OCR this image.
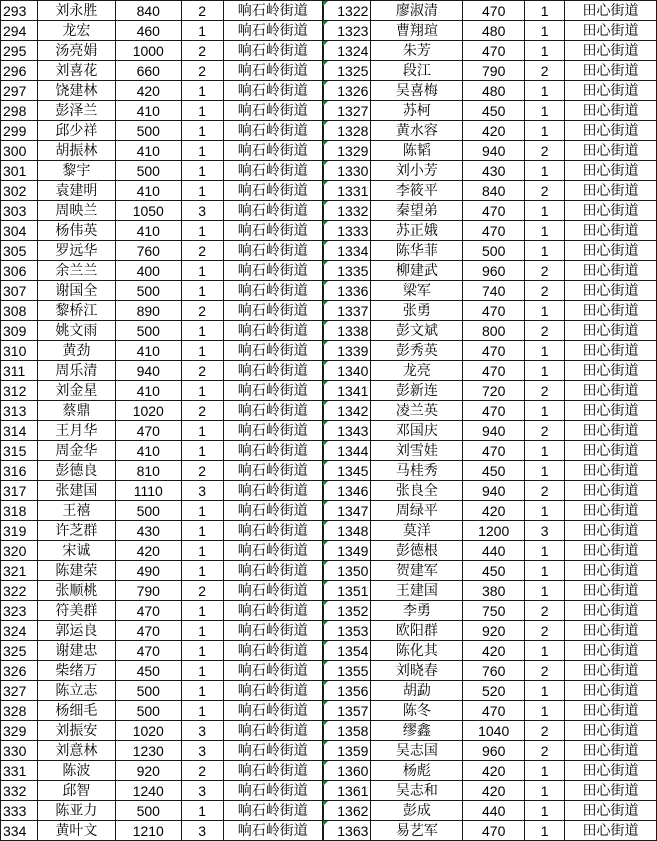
293	刘永胜	840	2	响石岭街道	1322	廖淑清	470	1	田心街道
294	龙宏	460	1	响石岭街道	1323	曹翔瑄	480	1	田心街道
295	汤亮娟	1000	2	响石岭街道	1324	朱芳	470	1	田心街道
296	刘喜花	660	2	响石岭街道	1325	段江	790	2	田心街道
297	饶建林	420	1	响石岭街道	1326	吴喜梅	480	1	田心街道
298	彭泽兰	410	1	响石岭街道	1327	苏柯	450	1	田心街道
299	邱少祥	500	1	响石岭街道	1328	黄水容	420	1	田心街道
300	胡振林	410	1	响石岭街道	1329	陈韬	940	2	田心街道
301	黎宇	500	1	响石岭街道	1330	刘小芳	430	1	田心街道
302	袁建明	410	1	响石岭街道	1331	李筱平	840	2	田心街道
303	周映兰	1050	3	响石岭街道	1332	秦望弟	470	1	田心街道
304	杨伟英	410	1	响石岭街道	1333	苏正娥	470	1	田心街道
305	罗远华	760	2	响石岭街道	1334	陈华菲	500	1	田心街道
306	余兰兰	400	1	响石岭街道	1335	柳建武	960	2	田心街道
307	谢国全	500	1	响石岭街道	1336	梁军	740	2	田心街道
308	黎桥江	890	2	响石岭街道	1337	张勇	470	1	田心街道
309	姚文雨	500	1	响石岭街道	1338	彭文斌	800	2	田心街道
310	黄劲	410	1	响石岭街道	1339	彭秀英	470	1	田心街道
311	周乐清	940	2	响石岭街道	1340	龙亮	470	1	田心街道
312	刘金星	410	1	响石岭街道	1341	彭新连	720	2	田心街道
313	蔡鼎	1020	2	响石岭街道	1342	凌兰英	470	1	田心街道
314	王月华	470	1	响石岭街道	1343	邓国庆	940	2	田心街道
315	周金华	410	1	响石岭街道	1344	刘雪娃	470	1	田心街道
316	彭德良	810	2	响石岭街道	1345	马桂秀	450	1	田心街道
317	张建国	1110	3	响石岭街道	1346	张良全	940	2	田心街道
318	王禧	500	1	响石岭街道	1347	周绿平	420	1	田心街道
319	许芝群	430	1	响石岭街道	1348	莫洋	1200	3	田心街道
320	宋诚	420	1	响石岭街道	1349	彭德根	440	1	田心街道
321	陈建荣	490	1	响石岭街道	1350	贺建军	450	1	田心街道
322	张顺桃	790	2	响石岭街道	1351	王建国	380	1	田心街道
323	符美群	470	1	响石岭街道	1352	李勇	750	2	田心街道
324	郭运良	470	1	响石岭街道	1353	欧阳群	920	2	田心街道
325	谢建忠	470	1	响石岭街道	1354	陈化其	420	1	田心街道
326	柴绪万	450	1	响石岭街道	1355	刘晓春	760	2	田心街道
327	陈立志	500	1	响石岭街道	1356	胡勐	520	1	田心街道
328	杨细毛	500	1	响石岭街道	1357	陈冬	470	1	田心街道
329	刘振安	1020	3	响石岭街道	1358	缪鑫	1040	2	田心街道
330	刘意林	1230	3	响石岭街道	1359	吴志国	960	2	田心街道
331	陈波	920	2	响石岭街道	1360	杨彪	420	1	田心街道
332	邱智	1240	3	响石岭街道	1361	吴志和	420	1	田心街道
333	陈亚力	500	1	响石岭街道	1362	彭成	440	1	田心街道
334	黄叶文	1210	3	响石岭街道	1363	易艺军	470	1	田心街道
